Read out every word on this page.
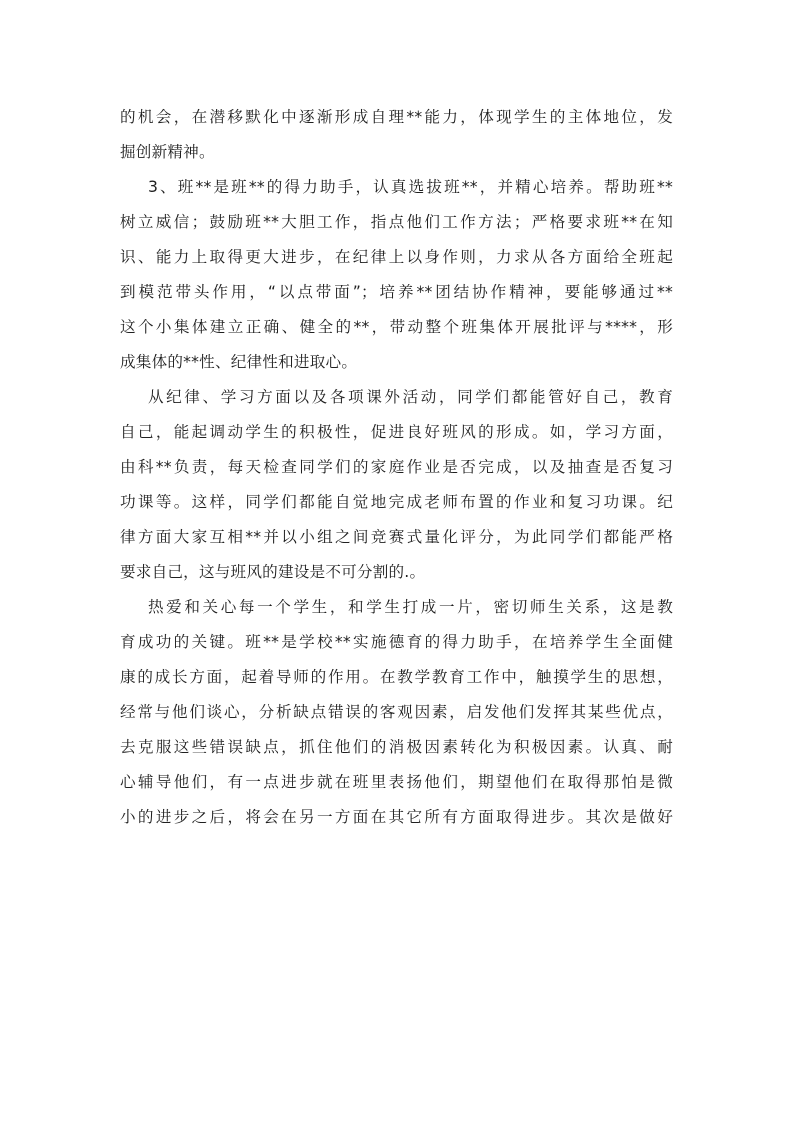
的机会，在潜移默化中逐渐形成自理**能力，体现学生的主体地位，发
掘创新精神。
3、班**是班**的得力助手，认真选拔班**，并精心培养。帮助班**
树立威信；鼓励班**大胆工作，指点他们工作方法；严格要求班**在知
识、能力上取得更大进步，在纪律上以身作则，力求从各方面给全班起
到模范带头作用，“以点带面”；培养**团结协作精神，要能够通过**
这个小集体建立正确、健全的**，带动整个班集体开展批评与****，形
成集体的**性、纪律性和进取心。
从纪律、学习方面以及各项课外活动，同学们都能管好自己，教育
自己，能起调动学生的积极性，促进良好班风的形成。如，学习方面，
由科**负责，每天检查同学们的家庭作业是否完成，以及抽查是否复习
功课等。这样，同学们都能自觉地完成老师布置的作业和复习功课。纪
律方面大家互相**并以小组之间竞赛式量化评分，为此同学们都能严格
要求自己，这与班风的建设是不可分割的.。
热爱和关心每一个学生，和学生打成一片，密切师生关系，这是教
育成功的关键。班**是学校**实施德育的得力助手，在培养学生全面健
康的成长方面，起着导师的作用。在教学教育工作中，触摸学生的思想，
经常与他们谈心，分析缺点错误的客观因素，启发他们发挥其某些优点，
去克服这些错误缺点，抓住他们的消极因素转化为积极因素。认真、耐
心辅导他们，有一点进步就在班里表扬他们，期望他们在取得那怕是微
小的进步之后，将会在另一方面在其它所有方面取得进步。其次是做好
